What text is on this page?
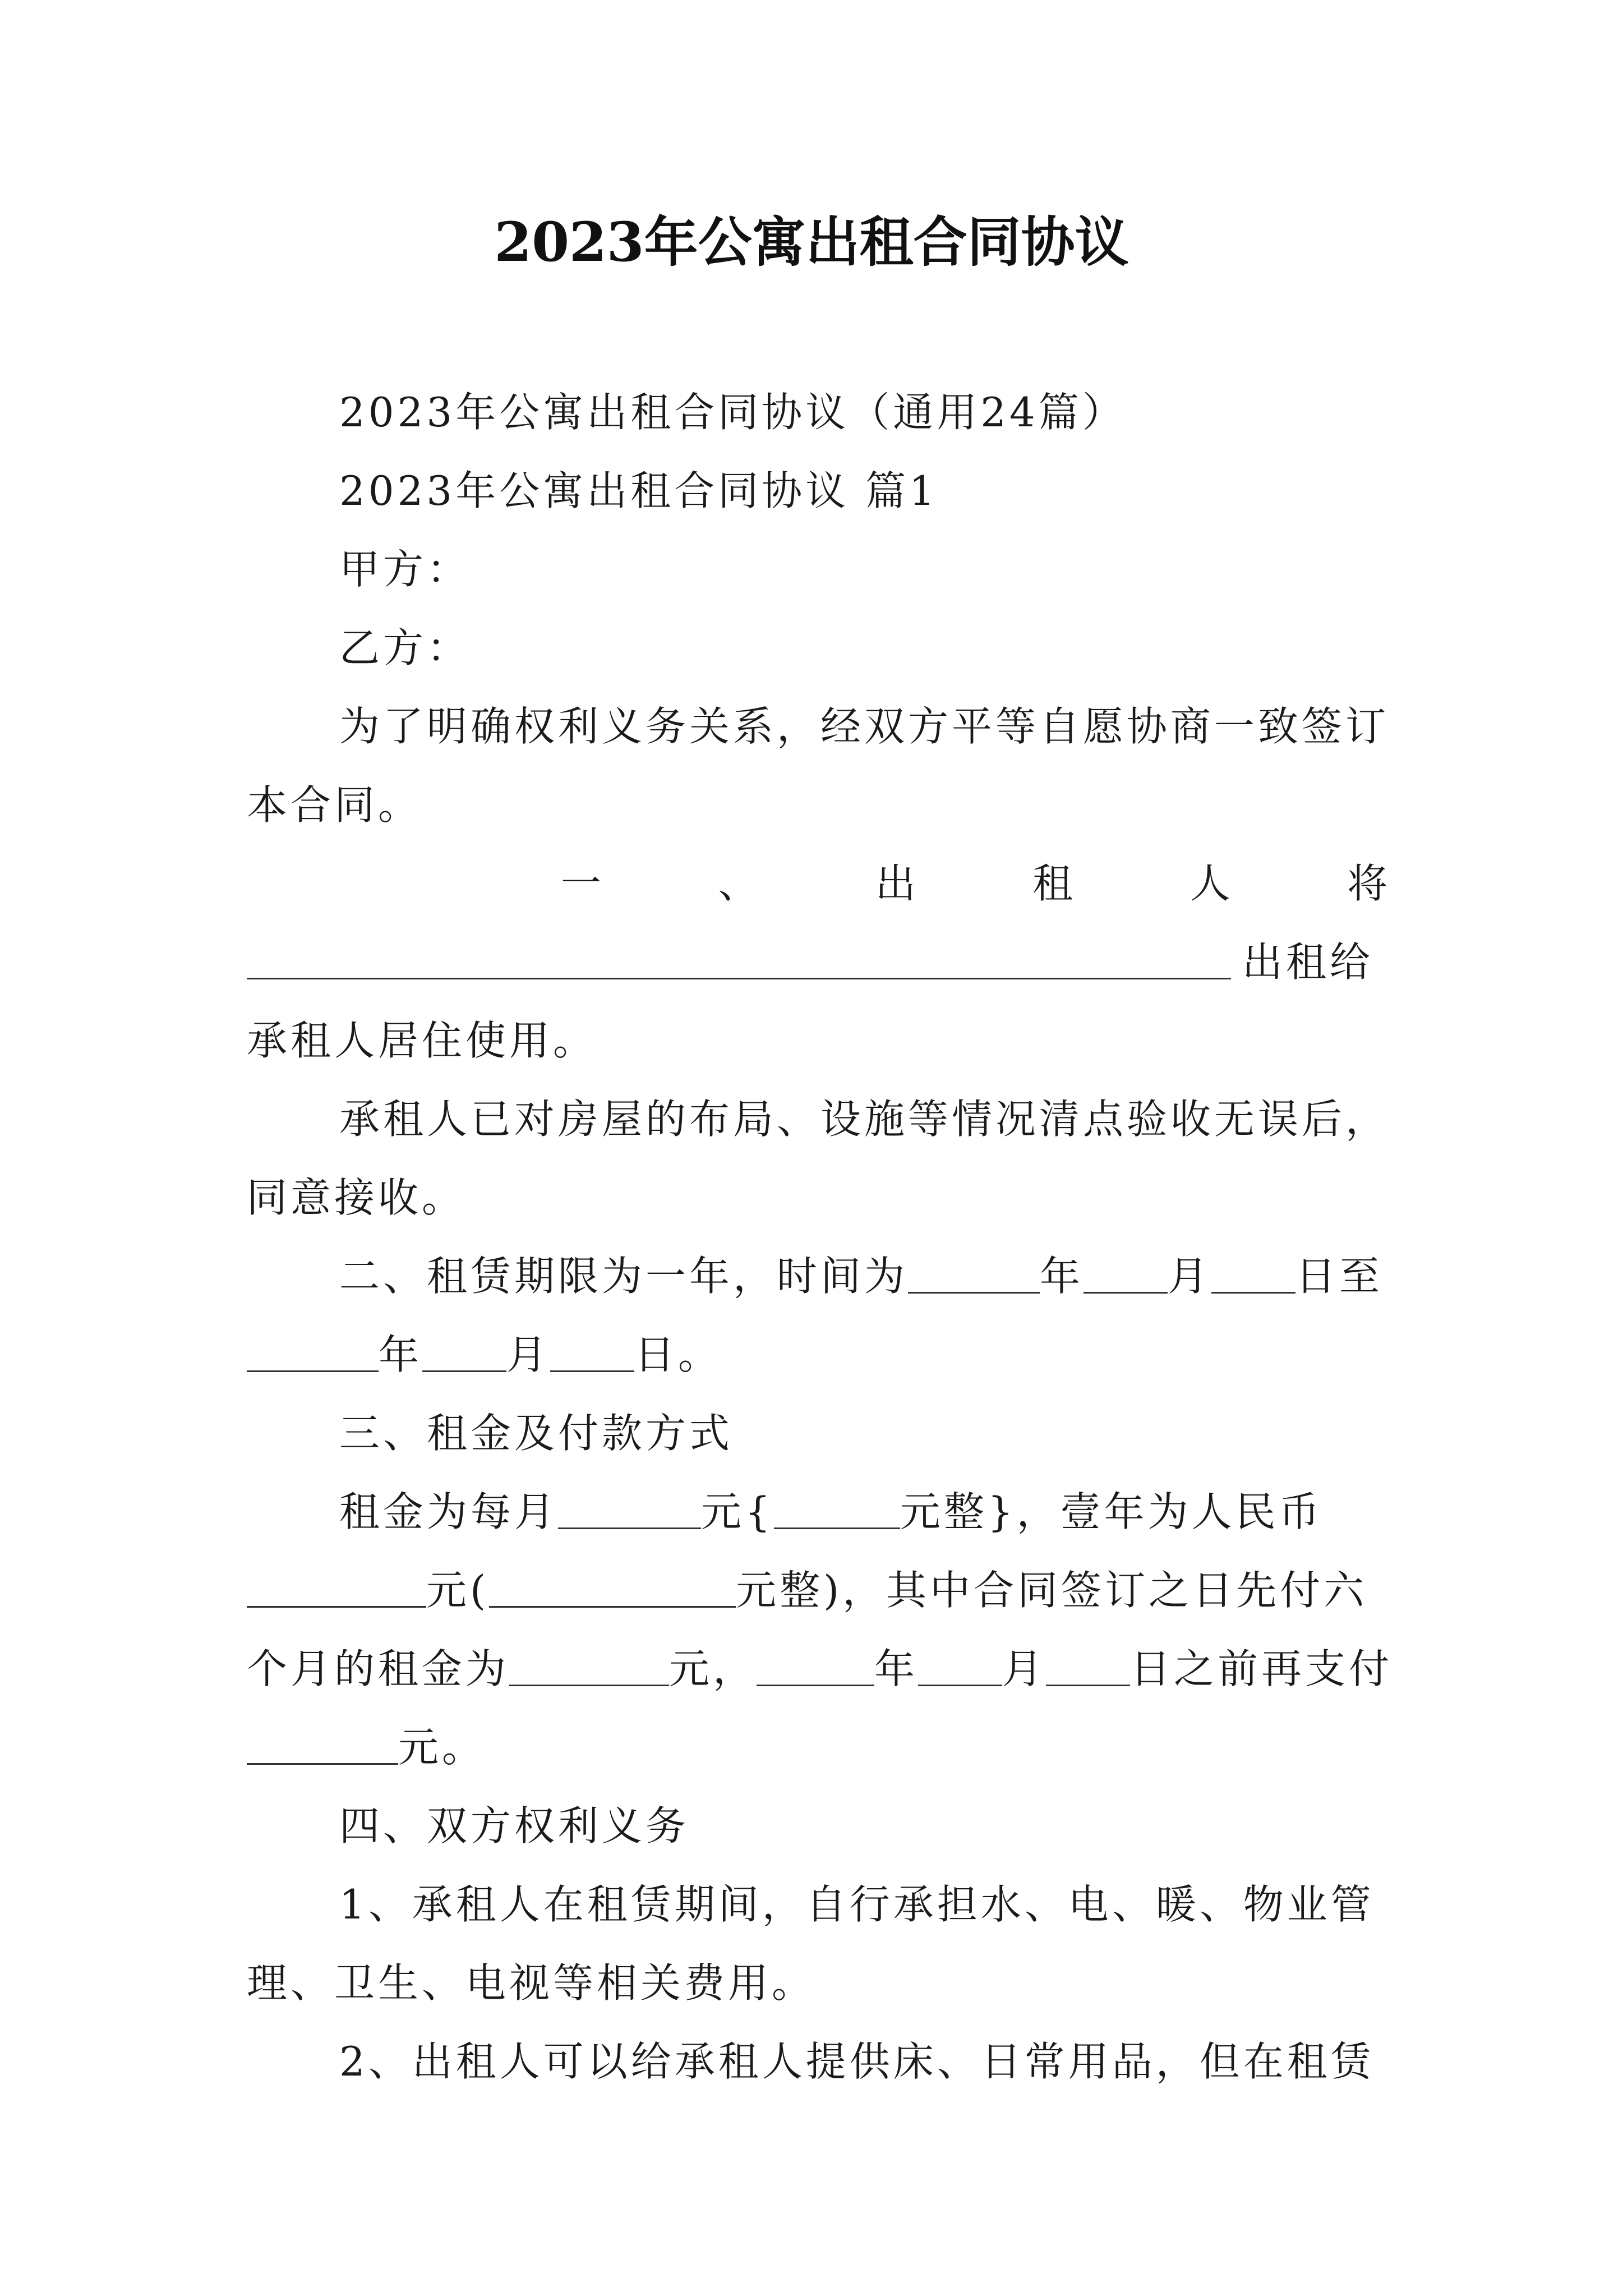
2023年公寓出租合同协议
2023年公寓出租合同协议（通用24篇）
2023年公寓出租合同协议 篇1
甲方：
乙方：
为了明确权利义务关系，经双方平等自愿协商一致签订
本合同。
一	、	出	租	人	将
出租给
承租人居住使用。
承租人已对房屋的布局、设施等情况清点验收无误后，
同意接收。
二、租赁期限为一年，时间为	年 月 日至
年 月 日。
三、租金及付款方式
租金为每月	元{	元整}，壹年为人民币
元(	元整)，其中合同签订之日先付六
个月的租金为	元，	年 月 日之前再支付
元。
四、双方权利义务
1、承租人在租赁期间，自行承担水、电、暖、物业管
理、卫生、电视等相关费用。
2、出租人可以给承租人提供床、日常用品，但在租赁
